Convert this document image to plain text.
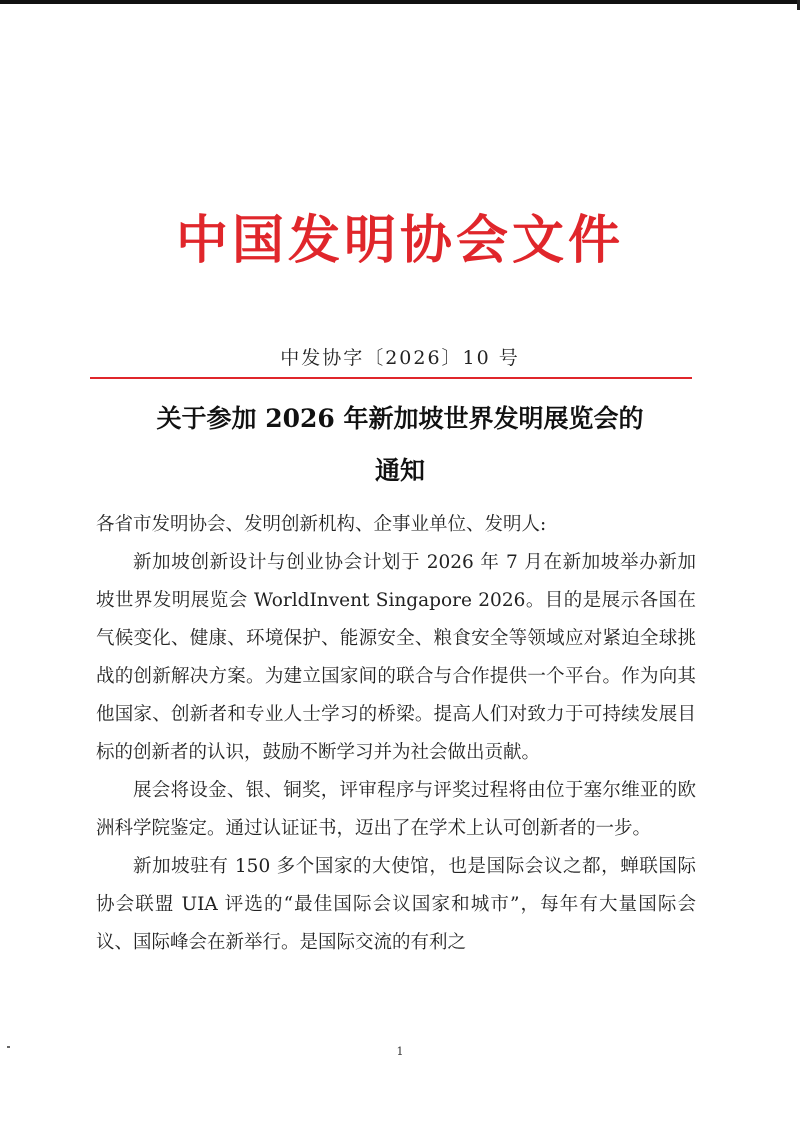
中国发明协会文件
中发协字〔2026〕10 号
关于参加 2026 年新加坡世界发明展览会的
通知

各省市发明协会、发明创新机构、企事业单位、发明人:

新加坡创新设计与创业协会计划于 2026 年 7 月在新加坡举办新加坡世界发明展览会 WorldInvent Singapore 2026。目的是展示各国在气候变化、健康、环境保护、能源安全、粮食安全等领域应对紧迫全球挑战的创新解决方案。为建立国家间的联合与合作提供一个平台。作为向其他国家、创新者和专业人士学习的桥梁。提高人们对致力于可持续发展目标的创新者的认识，鼓励不断学习并为社会做出贡献。

展会将设金、银、铜奖，评审程序与评奖过程将由位于塞尔维亚的欧洲科学院鉴定。通过认证证书，迈出了在学术上认可创新者的一步。

新加坡驻有 150 多个国家的大使馆，也是国际会议之都，蝉联国际协会联盟 UIA 评选的“最佳国际会议国家和城市”，每年有大量国际会议、国际峰会在新举行。是国际交流的有利之

1
